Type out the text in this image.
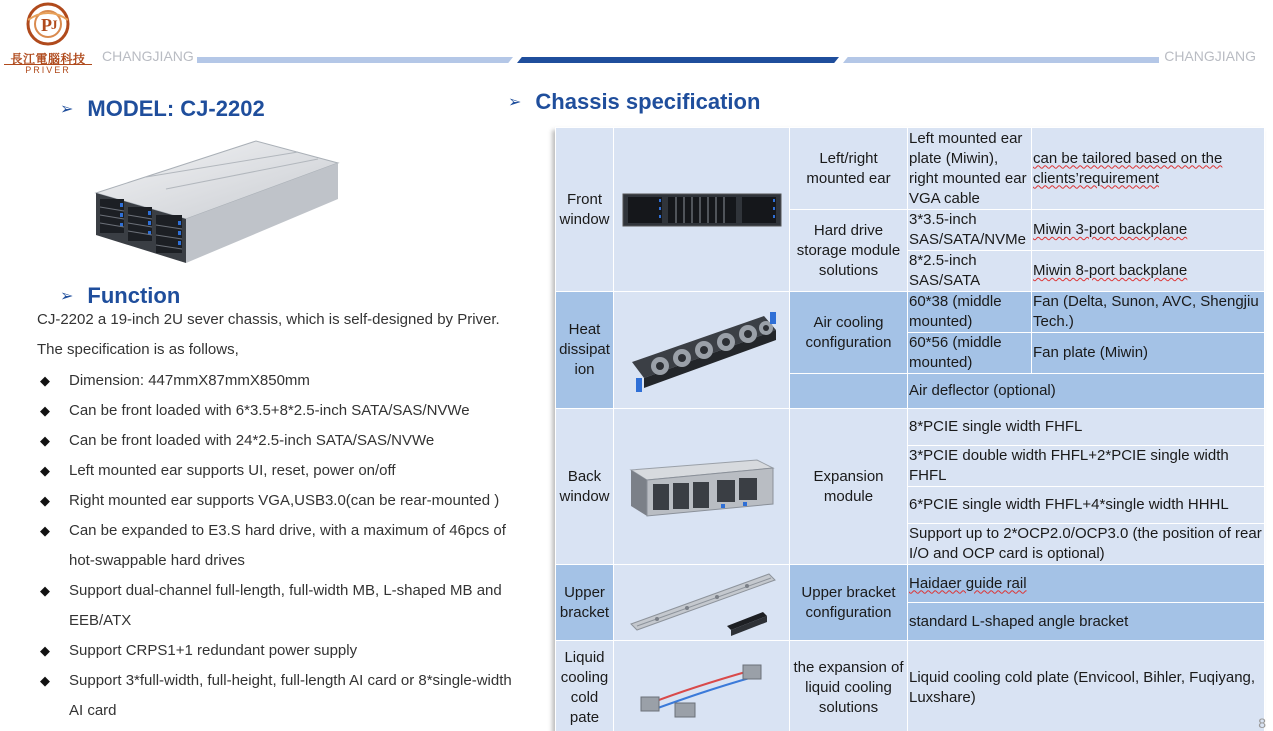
P J
長江電腦科技
PRIVER
CHANGJIANG	CHANGJIANG
➢ MODEL: CJ-2202
➢ Function
CJ-2202 a 19-inch 2U sever chassis, which is self-designed by Priver.
The specification is as follows,
◆ Dimension: 447mmX87mmX850mm
◆ Can be front loaded with 6*3.5+8*2.5-inch SATA/SAS/NVWe
◆ Can be front loaded with 24*2.5-inch SATA/SAS/NVWe
◆ Left mounted ear supports UI, reset, power on/off
◆ Right mounted ear supports VGA,USB3.0(can be rear-mounted )
◆ Can be expanded to E3.S hard drive, with a maximum of 46pcs of hot-swappable hard drives
◆ Support dual-channel full-length, full-width MB, L-shaped MB and EEB/ATX
◆ Support CRPS1+1 redundant power supply
◆ Support 3*full-width, full-height, full-length AI card or 8*single-width AI card
➢ Chassis specification
Front window		Left/right mounted ear	Left mounted ear plate (Miwin), right mounted ear VGA cable	can be tailored based on the clients’requirement
		Hard drive storage module solutions	3*3.5-inch SAS/SATA/NVMe	Miwin 3-port backplane
			8*2.5-inch SAS/SATA	Miwin 8-port backplane
Heat dissipat ion		Air cooling configuration	60*38 (middle mounted)	Fan (Delta, Sunon, AVC, Shengjiu Tech.)
			60*56 (middle mounted)	Fan plate (Miwin)
			Air deflector (optional)	
Back window		Expansion module	8*PCIE single width FHFL	
			3*PCIE double width FHFL+2*PCIE single width FHFL	
			6*PCIE single width FHFL+4*single width HHHL	
			Support up to 2*OCP2.0/OCP3.0 (the position of rear I/O and OCP card is optional)	
Upper bracket		Upper bracket configuration	Haidaer guide rail	
			standard L-shaped angle bracket	
Liquid cooling cold pate		the expansion of liquid cooling solutions	Liquid cooling cold plate (Envicool, Bihler, Fuqiyang, Luxshare)	
8
